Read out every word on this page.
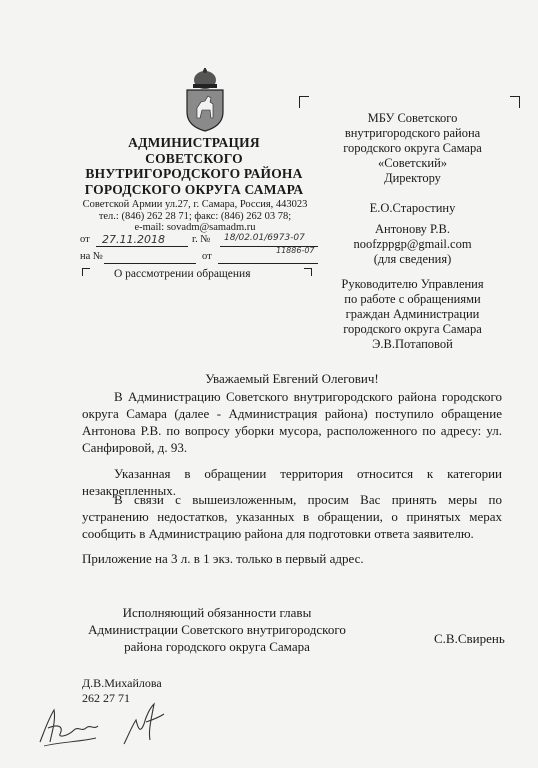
АДМИНИСТРАЦИЯ
СОВЕТСКОГО
ВНУТРИГОРОДСКОГО РАЙОНА
ГОРОДСКОГО ОКРУГА САМАРА
Советской Армии ул.27, г. Самара, Россия, 443023
тел.: (846) 262 28 71; факс: (846) 262 03 78;
e-mail: sovadm@samadm.ru
от 27.11.2018	г. № 18/02.01/6973-07
на №	от
11886-07
О рассмотрении обращения
МБУ Советского
внутригородского района
городского округа Самара
«Советский»
Директору
Е.О.Старостину
Антонову Р.В.
noofzppgp@gmail.com
(для сведения)
Руководителю Управления
по работе с обращениями
граждан Администрации
городского округа Самара
Э.В.Потаповой
Уважаемый Евгений Олегович!
В Администрацию Советского внутригородского района городского округа Самара (далее - Администрация района) поступило обращение Антонова Р.В. по вопросу уборки мусора, расположенного по адресу: ул. Санфировой, д. 93.
Указанная в обращении территория относится к категории незакрепленных.
В связи с вышеизложенным, просим Вас принять меры по устранению недостатков, указанных в обращении, о принятых мерах сообщить в Администрацию района для подготовки ответа заявителю.
Приложение на 3 л. в 1 экз. только в первый адрес.
Исполняющий обязанности главы
Администрации Советского внутригородского
района городского округа Самара
С.В.Свирень
Д.В.Михайлова
262 27 71
